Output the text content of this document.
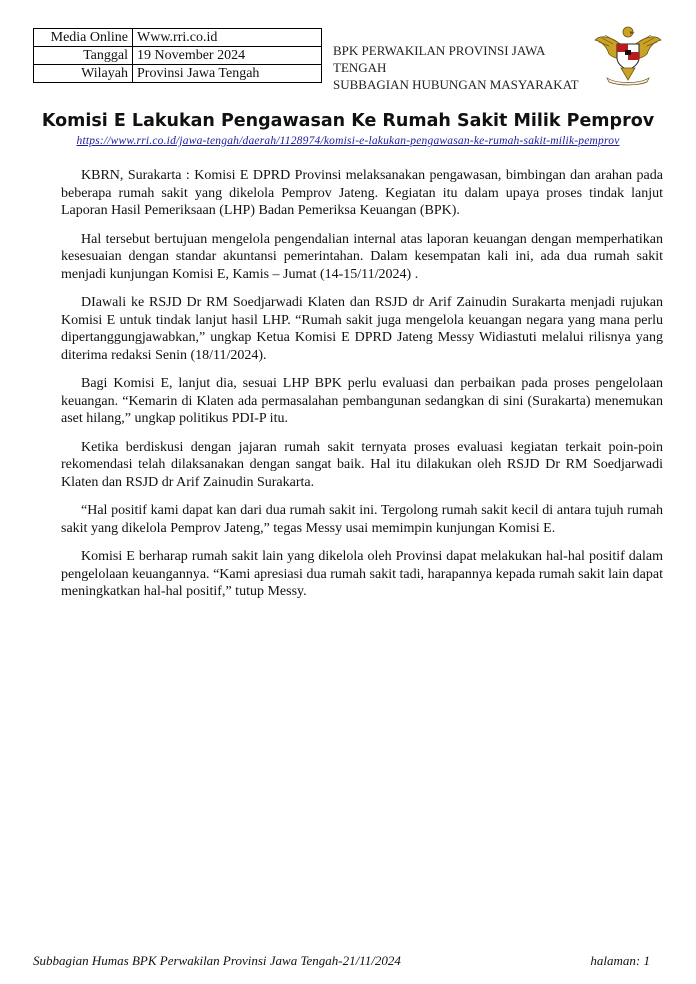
Media Online	Www.rri.co.id
Tanggal	19 November 2024
Wilayah	Provinsi Jawa Tengah
BPK PERWAKILAN PROVINSI JAWA TENGAH
SUBBAGIAN HUBUNGAN MASYARAKAT
Komisi E Lakukan Pengawasan Ke Rumah Sakit Milik Pemprov
https://www.rri.co.id/jawa-tengah/daerah/1128974/komisi-e-lakukan-pengawasan-ke-rumah-sakit-milik-pemprov

KBRN, Surakarta : Komisi E DPRD Provinsi melaksanakan pengawasan, bimbingan dan arahan pada beberapa rumah sakit yang dikelola Pemprov Jateng. Kegiatan itu dalam upaya proses tindak lanjut Laporan Hasil Pemeriksaan (LHP) Badan Pemeriksa Keuangan (BPK).

Hal tersebut bertujuan mengelola pengendalian internal atas laporan keuangan dengan memperhatikan kesesuaian dengan standar akuntansi pemerintahan. Dalam kesempatan kali ini, ada dua rumah sakit menjadi kunjungan Komisi E, Kamis – Jumat (14-15/11/2024) .

DIawali ke RSJD Dr RM Soedjarwadi Klaten dan RSJD dr Arif Zainudin Surakarta menjadi rujukan Komisi E untuk tindak lanjut hasil LHP. “Rumah sakit juga mengelola keuangan negara yang mana perlu dipertanggungjawabkan,” ungkap Ketua Komisi E DPRD Jateng Messy Widiastuti melalui rilisnya yang diterima redaksi Senin (18/11/2024).

Bagi Komisi E, lanjut dia, sesuai LHP BPK perlu evaluasi dan perbaikan pada proses pengelolaan keuangan. “Kemarin di Klaten ada permasalahan pembangunan sedangkan di sini (Surakarta) menemukan aset hilang,” ungkap politikus PDI-P itu.

Ketika berdiskusi dengan jajaran rumah sakit ternyata proses evaluasi kegiatan terkait poin-poin rekomendasi telah dilaksanakan dengan sangat baik. Hal itu dilakukan oleh RSJD Dr RM Soedjarwadi Klaten dan RSJD dr Arif Zainudin Surakarta.

“Hal positif kami dapat kan dari dua rumah sakit ini. Tergolong rumah sakit kecil di antara tujuh rumah sakit yang dikelola Pemprov Jateng,” tegas Messy usai memimpin kunjungan Komisi E.

Komisi E berharap rumah sakit lain yang dikelola oleh Provinsi dapat melakukan hal-hal positif dalam pengelolaan keuangannya. “Kami apresiasi dua rumah sakit tadi, harapannya kepada rumah sakit lain dapat meningkatkan hal-hal positif,” tutup Messy.

Subbagian Humas BPK Perwakilan Provinsi Jawa Tengah-21/11/2024	halaman: 1
